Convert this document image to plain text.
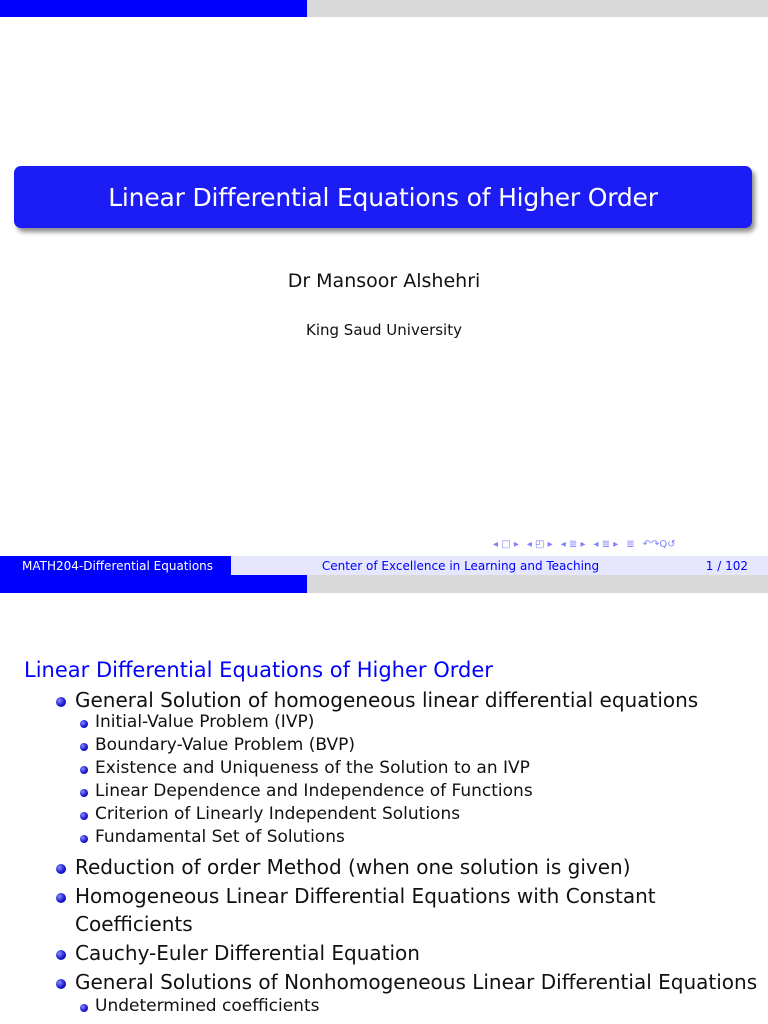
Linear Differential Equations of Higher Order
Dr Mansoor Alshehri
King Saud University
◂ □ ▸ ◂ ◰ ▸ ◂ ≣ ▸ ◂ ≣ ▸ ≣ ↶↷Q↺
MATH204-Differential Equations	Center of Excellence in Learning and Teaching	1 / 102
Linear Differential Equations of Higher Order
General Solution of homogeneous linear differential equations
Initial-Value Problem (IVP)
Boundary-Value Problem (BVP)
Existence and Uniqueness of the Solution to an IVP
Linear Dependence and Independence of Functions
Criterion of Linearly Independent Solutions
Fundamental Set of Solutions
Reduction of order Method (when one solution is given)
Homogeneous Linear Differential Equations with Constant
Coefficients
Cauchy-Euler Differential Equation
General Solutions of Nonhomogeneous Linear Differential Equations
Undetermined coefficients
